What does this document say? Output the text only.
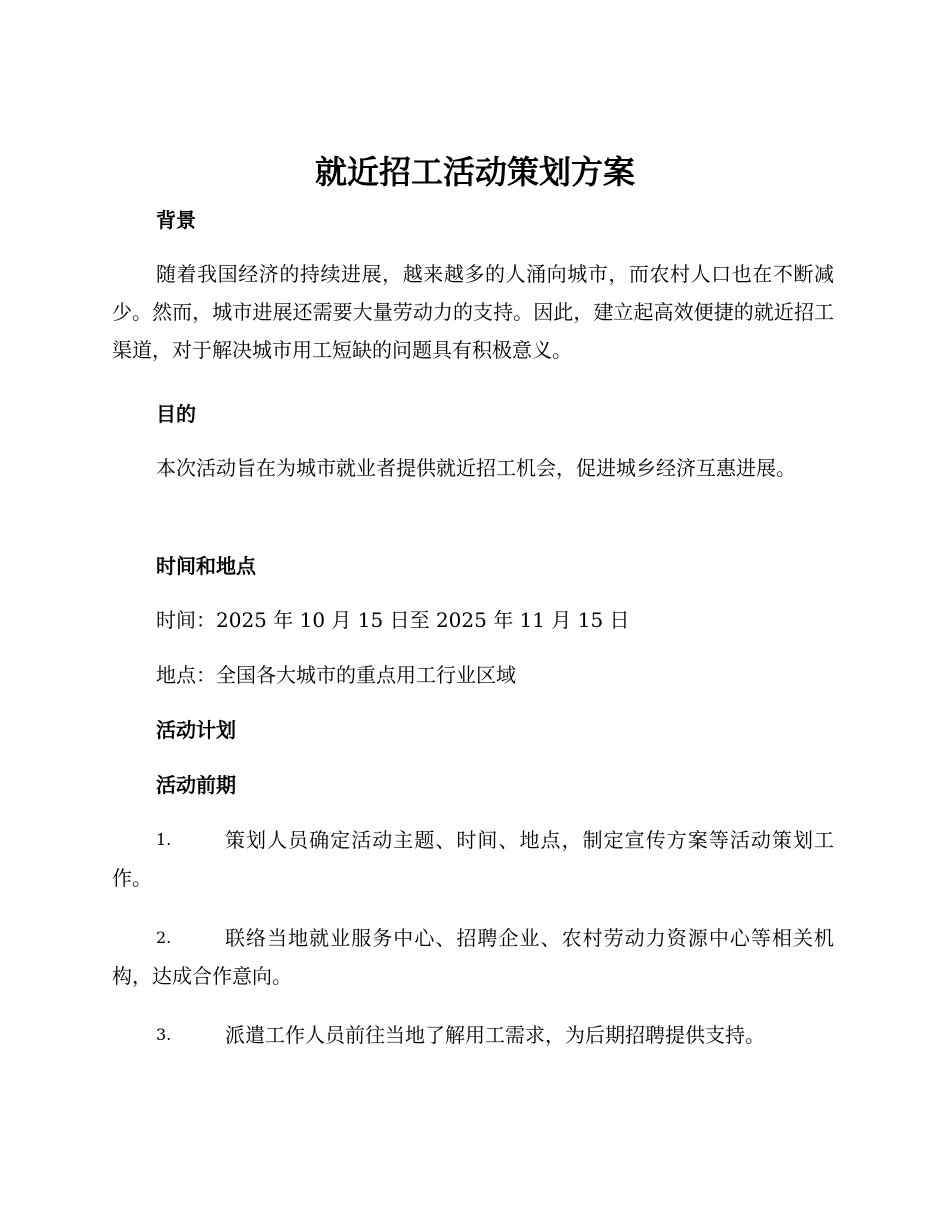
就近招工活动策划方案
背景

随着我国经济的持续进展，越来越多的人涌向城市，而农村人口也在不断减少。然而，城市进展还需要大量劳动力的支持。因此，建立起高效便捷的就近招工渠道，对于解决城市用工短缺的问题具有积极意义。

目的

本次活动旨在为城市就业者提供就近招工机会，促进城乡经济互惠进展。

时间和地点

时间：2025 年 10 月 15 日至 2025 年 11 月 15 日

地点：全国各大城市的重点用工行业区域

活动计划
活动前期
1.	策划人员确定活动主题、时间、地点，制定宣传方案等活动策划工作。
2.	联络当地就业服务中心、招聘企业、农村劳动力资源中心等相关机构，达成合作意向。
3.	派遣工作人员前往当地了解用工需求，为后期招聘提供支持。
